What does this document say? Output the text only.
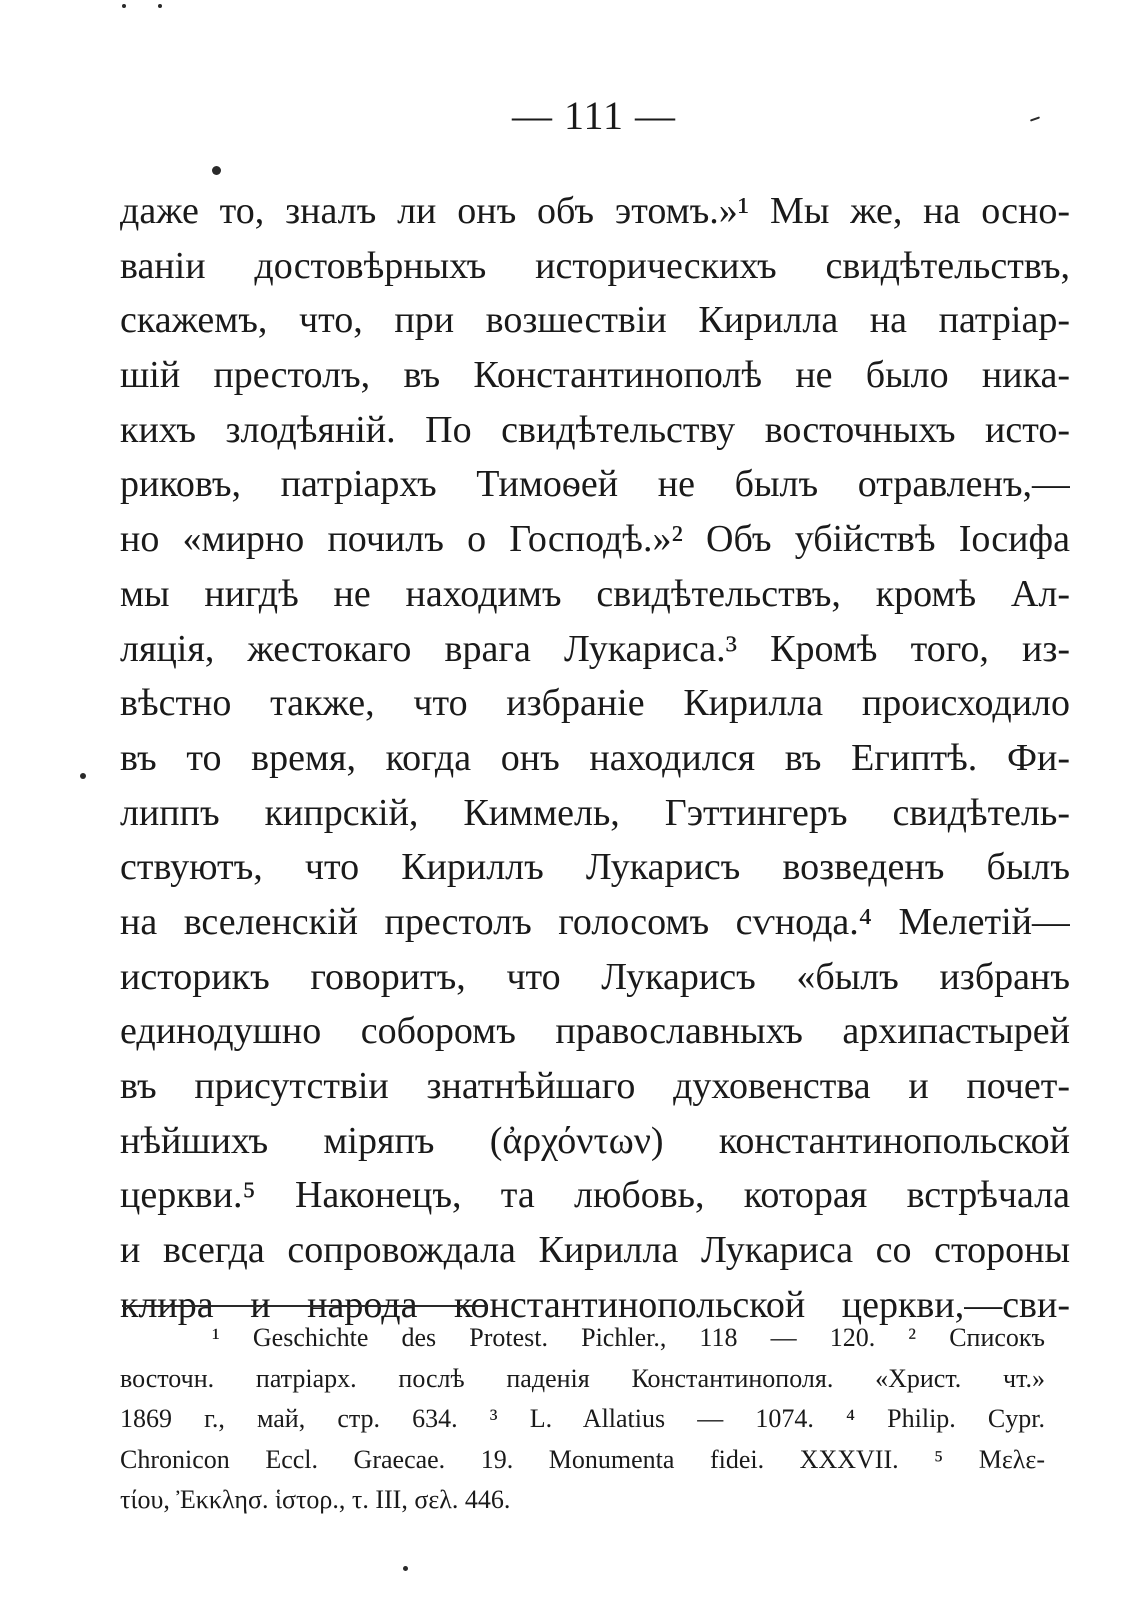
— 111 —
даже то, зналъ ли онъ объ этомъ.»¹ Мы же, на осно-
ваніи достовѣрныхъ историческихъ свидѣтельствъ,
скажемъ, что, при возшествіи Кирилла на патріар-
шій престолъ, въ Константинополѣ не было ника-
кихъ злодѣяній. По свидѣтельству восточныхъ исто-
риковъ, патріархъ Тимоѳей не былъ отравленъ,—
но «мирно почилъ о Господѣ.»² Объ убійствѣ Іосифа
мы нигдѣ не находимъ свидѣтельствъ, кромѣ Ал-
ляція, жестокаго врага Лукариса.³ Кромѣ того, из-
вѣстно также, что избраніе Кирилла происходило
въ то время, когда онъ находился въ Египтѣ. Фи-
липпъ кипрскій, Киммель, Гэттингеръ свидѣтель-
ствуютъ, что Кириллъ Лукарисъ возведенъ былъ
на вселенскій престолъ голосомъ сѵнода.⁴ Мелетій—
историкъ говоритъ, что Лукарисъ «былъ избранъ
единодушно соборомъ православныхъ архипастырей
въ присутствіи знатнѣйшаго духовенства и почет-
нѣйшихъ міряпъ (ἀρχόντων) константинопольской
церкви.⁵ Наконецъ, та любовь, которая встрѣчала
и всегда сопровождала Кирилла Лукариса со стороны
клира и народа константинопольской церкви,—сви-
¹ Geschichte des Protest. Pichler., 118 — 120. ² Списокъ
восточн. патріарх. послѣ паденія Константинополя. «Христ. чт.»
1869 г., май, стр. 634. ³ L. Allatius — 1074. ⁴ Philip. Cypr.
Chronicon Eccl. Graecae. 19. Monumenta fidei. XXXVII. ⁵ Μελε-
τίου, Ἐκκλησ. ἱστορ., τ. III, σελ. 446.
